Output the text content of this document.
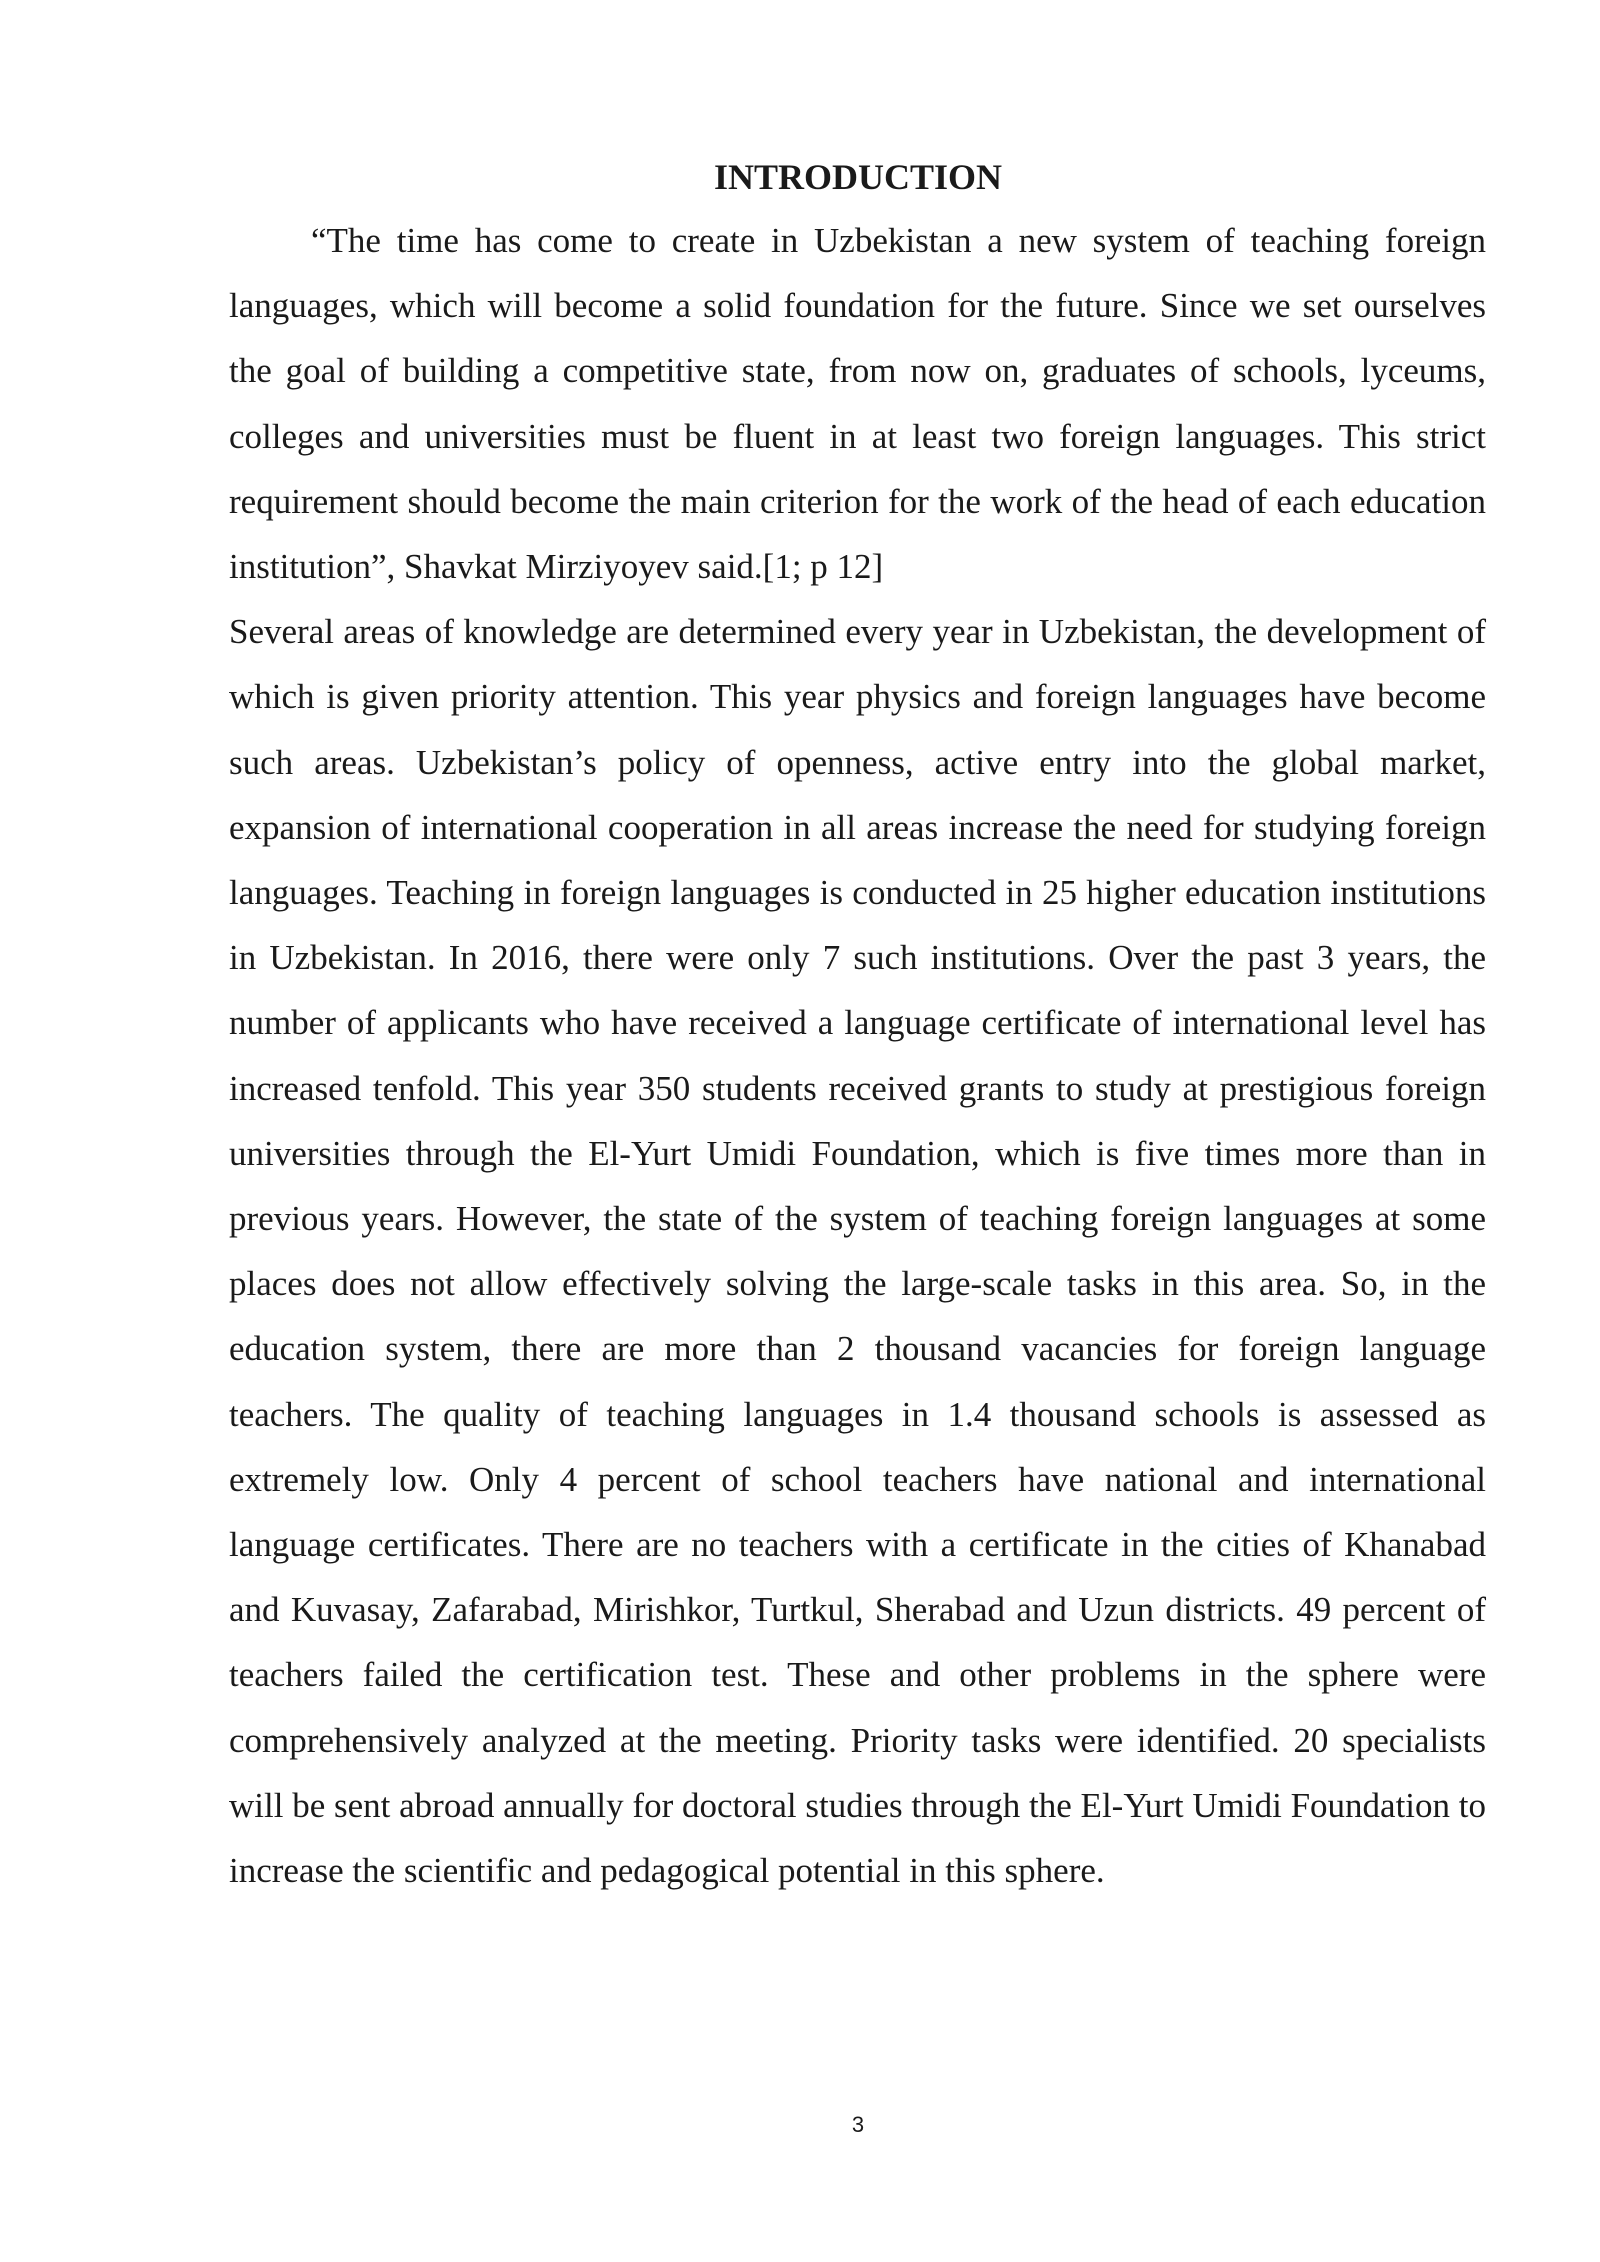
INTRODUCTION

“The time has come to create in Uzbekistan a new system of teaching foreign languages, which will become a solid foundation for the future. Since we set ourselves the goal of building a competitive state, from now on, graduates of schools, lyceums, colleges and universities must be fluent in at least two foreign languages. This strict requirement should become the main criterion for the work of the head of each education institution”, Shavkat Mirziyoyev said.[1; p 12]

Several areas of knowledge are determined every year in Uzbekistan, the development of which is given priority attention. This year physics and foreign languages have become such areas. Uzbekistan’s policy of openness, active entry into the global market, expansion of international cooperation in all areas increase the need for studying foreign languages. Teaching in foreign languages is conducted in 25 higher education institutions in Uzbekistan. In 2016, there were only 7 such institutions. Over the past 3 years, the number of applicants who have received a language certificate of international level has increased tenfold. This year 350 students received grants to study at prestigious foreign universities through the El-Yurt Umidi Foundation, which is five times more than in previous years. However, the state of the system of teaching foreign languages at some places does not allow effectively solving the large-scale tasks in this area. So, in the education system, there are more than 2 thousand vacancies for foreign language teachers. The quality of teaching languages in 1.4 thousand schools is assessed as extremely low. Only 4 percent of school teachers have national and international language certificates. There are no teachers with a certificate in the cities of Khanabad and Kuvasay, Zafarabad, Mirishkor, Turtkul, Sherabad and Uzun districts. 49 percent of teachers failed the certification test. These and other problems in the sphere were comprehensively analyzed at the meeting. Priority tasks were identified. 20 specialists will be sent abroad annually for doctoral studies through the El-Yurt Umidi Foundation to increase the scientific and pedagogical potential in this sphere.

3
